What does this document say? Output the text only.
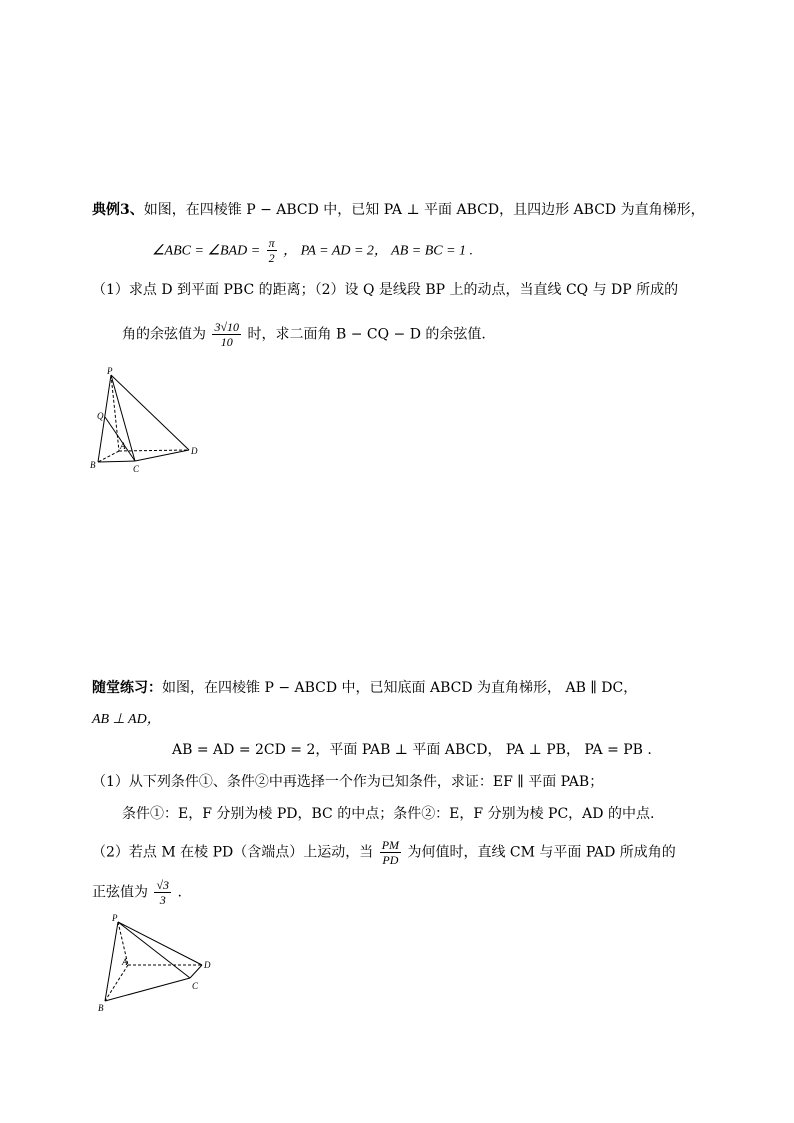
典例3、如图，在四棱锥 P − ABCD 中，已知 PA ⊥ 平面 ABCD，且四边形 ABCD 为直角梯形，
∠ABC = ∠BAD = $\frac{\pi}{2}$ ， PA = AD = 2， AB = BC = 1 .
（1）求点 D 到平面 PBC 的距离；（2）设 Q 是线段 BP 上的动点，当直线 CQ 与 DP 所成的
角的余弦值为 $\frac{3√10}{10}$ 时，求二面角 B − CQ − D 的余弦值.
P
Q
A
B	C
D
随堂练习：如图，在四棱锥 P − ABCD 中，已知底面 ABCD 为直角梯形， AB ∥ DC，
AB ⊥ AD，
AB = AD = 2CD = 2，平面 PAB ⊥ 平面 ABCD， PA ⊥ PB， PA = PB .
（1）从下列条件①、条件②中再选择一个作为已知条件，求证：EF ∥ 平面 PAB；
条件①：E，F 分别为棱 PD，BC 的中点；条件②：E，F 分别为棱 PC，AD 的中点.
（2）若点 M 在棱 PD（含端点）上运动，当 $\frac{PM}{PD}$ 为何值时，直线 CM 与平面 PAD 所成角的
正弦值为 $\frac{√3}{3}$ .
P
A
B
C
D
